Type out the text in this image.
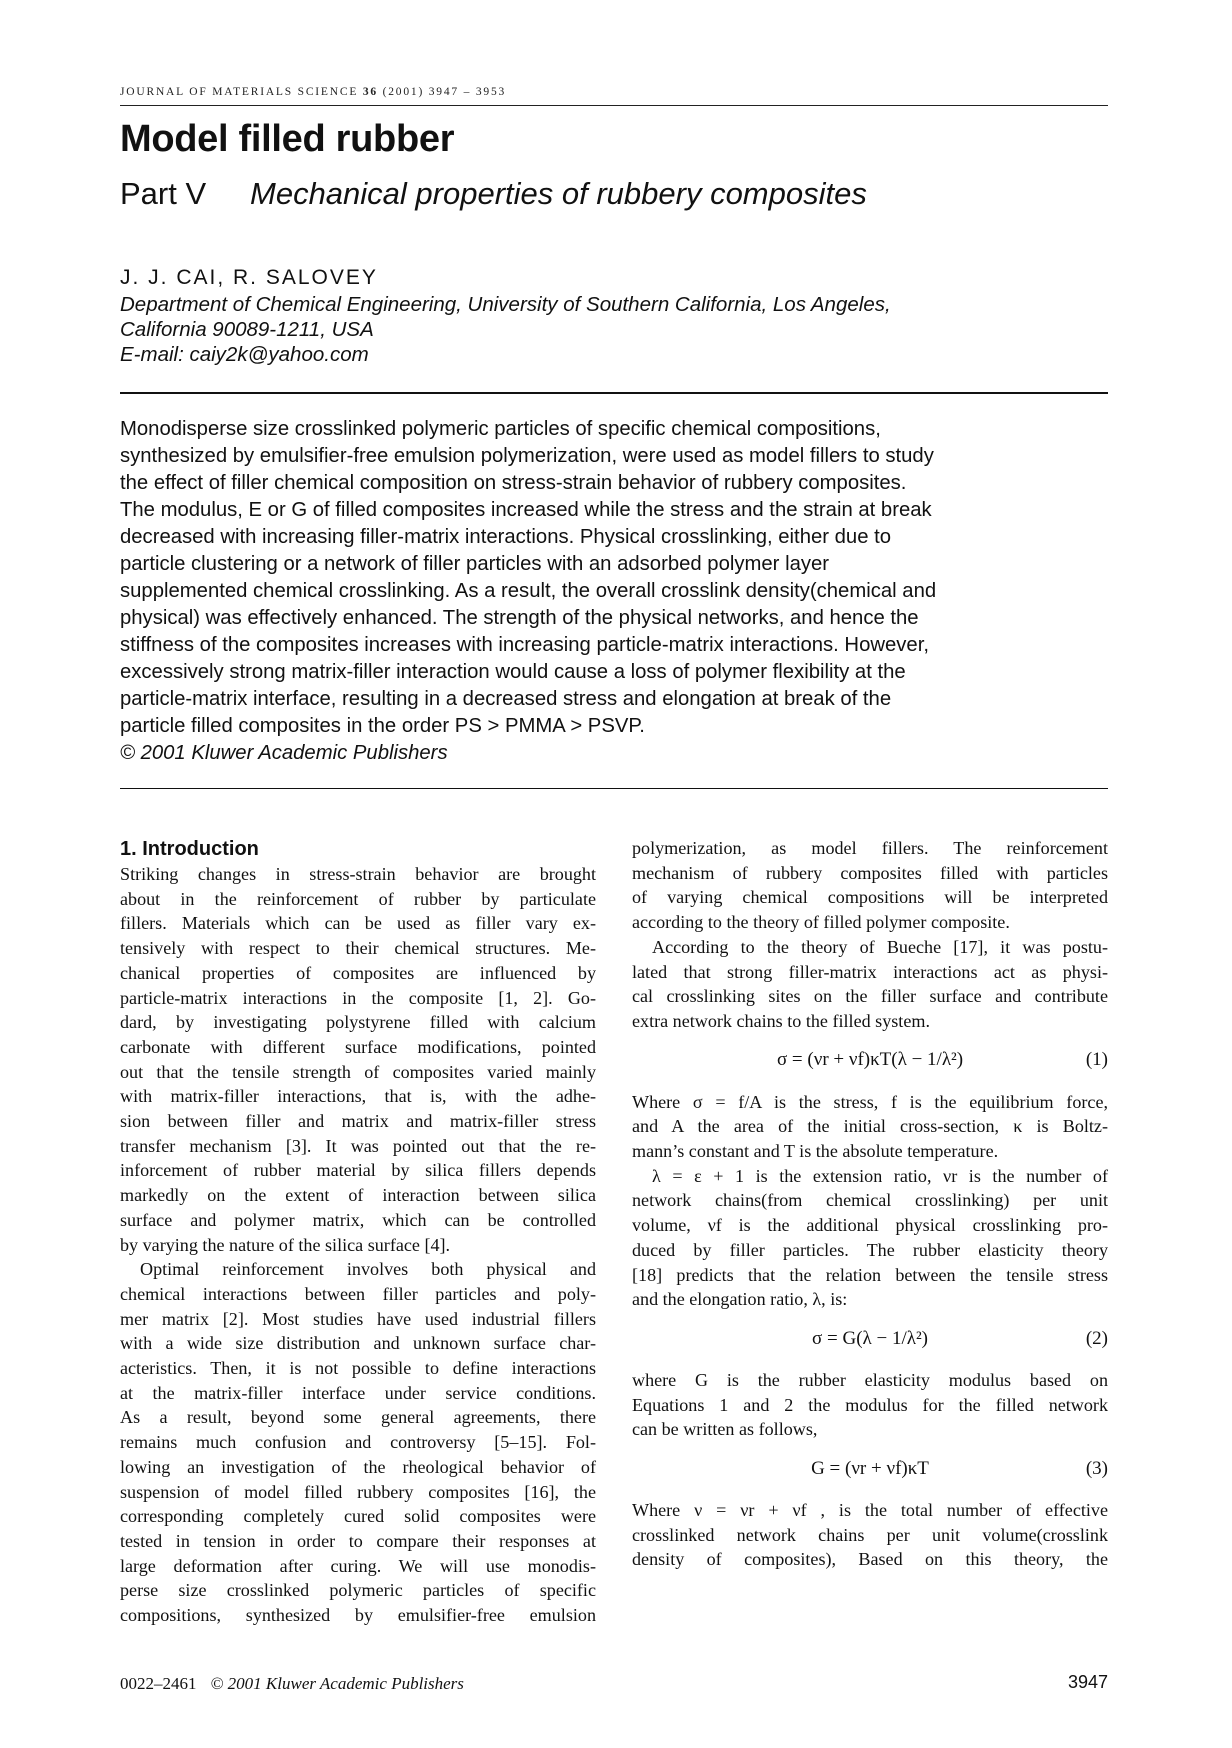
JOURNAL OF MATERIALS SCIENCE 36 (2001) 3947 – 3953
Model filled rubber
Part V Mechanical properties of rubbery composites
J. J. CAI, R. SALOVEY
Department of Chemical Engineering, University of Southern California, Los Angeles,
California 90089-1211, USA
E-mail: caiy2k@yahoo.com
Monodisperse size crosslinked polymeric particles of specific chemical compositions,
synthesized by emulsifier-free emulsion polymerization, were used as model fillers to study
the effect of filler chemical composition on stress-strain behavior of rubbery composites.
The modulus, E or G of filled composites increased while the stress and the strain at break
decreased with increasing filler-matrix interactions. Physical crosslinking, either due to
particle clustering or a network of filler particles with an adsorbed polymer layer
supplemented chemical crosslinking. As a result, the overall crosslink density(chemical and
physical) was effectively enhanced. The strength of the physical networks, and hence the
stiffness of the composites increases with increasing particle-matrix interactions. However,
excessively strong matrix-filler interaction would cause a loss of polymer flexibility at the
particle-matrix interface, resulting in a decreased stress and elongation at break of the
particle filled composites in the order PS > PMMA > PSVP.
© 2001 Kluwer Academic Publishers
1. Introduction
Striking changes in stress-strain behavior are brought
about in the reinforcement of rubber by particulate
fillers. Materials which can be used as filler vary ex-
tensively with respect to their chemical structures. Me-
chanical properties of composites are influenced by
particle-matrix interactions in the composite [1, 2]. Go-
dard, by investigating polystyrene filled with calcium
carbonate with different surface modifications, pointed
out that the tensile strength of composites varied mainly
with matrix-filler interactions, that is, with the adhe-
sion between filler and matrix and matrix-filler stress
transfer mechanism [3]. It was pointed out that the re-
inforcement of rubber material by silica fillers depends
markedly on the extent of interaction between silica
surface and polymer matrix, which can be controlled
by varying the nature of the silica surface [4].
Optimal reinforcement involves both physical and
chemical interactions between filler particles and poly-
mer matrix [2]. Most studies have used industrial fillers
with a wide size distribution and unknown surface char-
acteristics. Then, it is not possible to define interactions
at the matrix-filler interface under service conditions.
As a result, beyond some general agreements, there
remains much confusion and controversy [5–15]. Fol-
lowing an investigation of the rheological behavior of
suspension of model filled rubbery composites [16], the
corresponding completely cured solid composites were
tested in tension in order to compare their responses at
large deformation after curing. We will use monodis-
perse size crosslinked polymeric particles of specific
compositions, synthesized by emulsifier-free emulsion
polymerization, as model fillers. The reinforcement
mechanism of rubbery composites filled with particles
of varying chemical compositions will be interpreted
according to the theory of filled polymer composite.
According to the theory of Bueche [17], it was postu-
lated that strong filler-matrix interactions act as physi-
cal crosslinking sites on the filler surface and contribute
extra network chains to the filled system.
σ = (νr + νf)κT(λ − 1/λ²)	(1)
Where σ = f/A is the stress, f is the equilibrium force,
and A the area of the initial cross-section, κ is Boltz-
mann’s constant and T is the absolute temperature.
λ = ε + 1 is the extension ratio, νr is the number of
network chains(from chemical crosslinking) per unit
volume, νf is the additional physical crosslinking pro-
duced by filler particles. The rubber elasticity theory
[18] predicts that the relation between the tensile stress
and the elongation ratio, λ, is:
σ = G(λ − 1/λ²)	(2)
where G is the rubber elasticity modulus based on
Equations 1 and 2 the modulus for the filled network
can be written as follows,
G = (νr + νf)κT	(3)
Where ν = νr + νf , is the total number of effective
crosslinked network chains per unit volume(crosslink
density of composites), Based on this theory, the
0022–2461 © 2001 Kluwer Academic Publishers	3947
